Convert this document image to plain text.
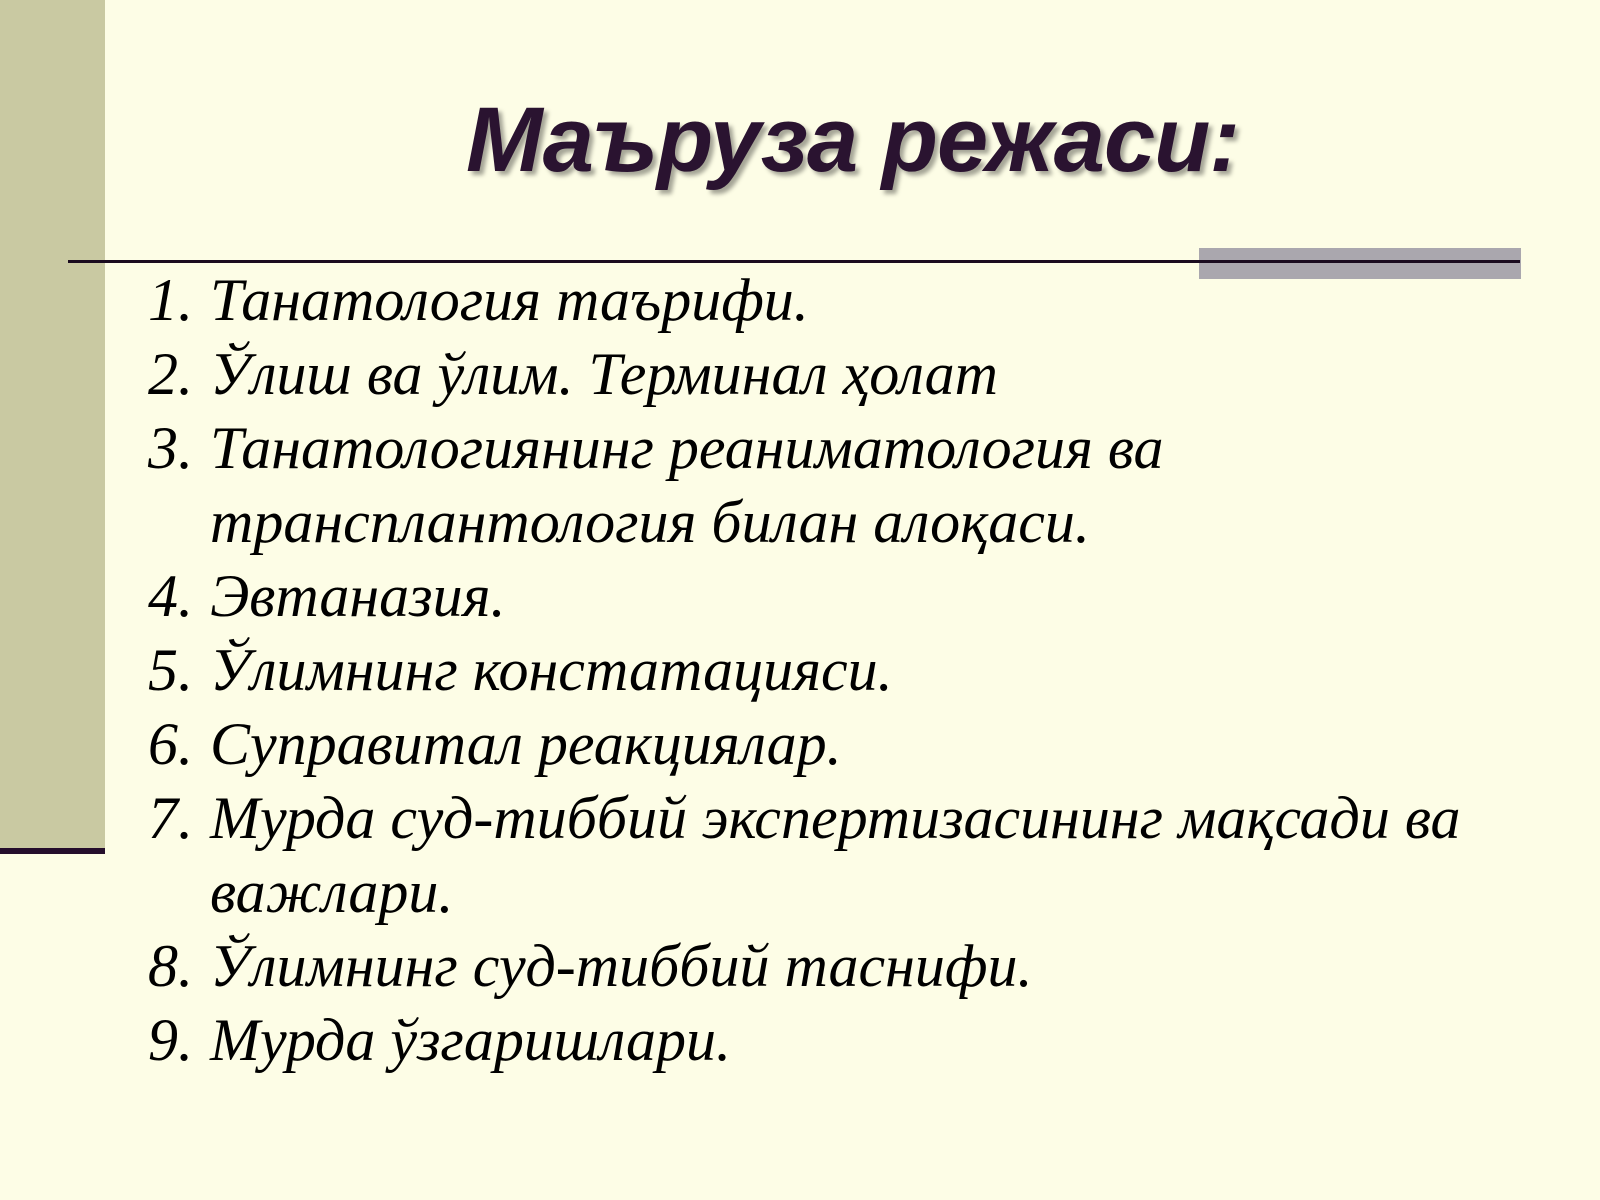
Маъруза режаси:
1. Танатология таърифи.
2. Ўлиш ва ўлим. Терминал ҳолат
3. Танатологиянинг реаниматология ва трансплантология билан алоқаси.
4. Эвтаназия.
5. Ўлимнинг констатацияси.
6. Суправитал реакциялар.
7. Мурда суд-тиббий экспертизасининг мақсади ва важлари.
8. Ўлимнинг суд-тиббий таснифи.
9. Мурда ўзгаришлари.
